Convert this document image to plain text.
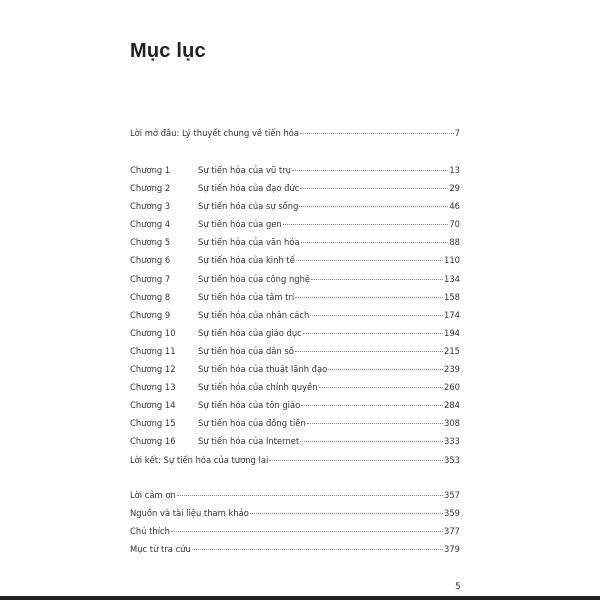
Mục lục
Lời mở đầu: Lý thuyết chung về tiến hóa	7
Chương 1	Sự tiến hóa của vũ trụ	13
Chương 2	Sự tiến hóa của đạo đức	29
Chương 3	Sự tiến hóa của sự sống	46
Chương 4	Sự tiến hóa của gen	70
Chương 5	Sự tiến hóa của văn hóa	88
Chương 6	Sự tiến hóa của kinh tế	110
Chương 7	Sự tiến hóa của công nghệ	134
Chương 8	Sự tiến hóa của tâm trí	158
Chương 9	Sự tiến hóa của nhân cách	174
Chương 10	Sự tiến hóa của giáo dục	194
Chương 11	Sự tiến hóa của dân số	215
Chương 12	Sự tiến hóa của thuật lãnh đạo	239
Chương 13	Sự tiến hóa của chính quyền	260
Chương 14	Sự tiến hóa của tôn giáo	284
Chương 15	Sự tiến hóa của đồng tiền	308
Chương 16	Sự tiến hóa của Internet	333
Lời kết: Sự tiến hóa của tương lai	353
Lời cảm ơn	357
Nguồn và tài liệu tham khảo	359
Chú thích	377
Mục từ tra cứu	379
5
